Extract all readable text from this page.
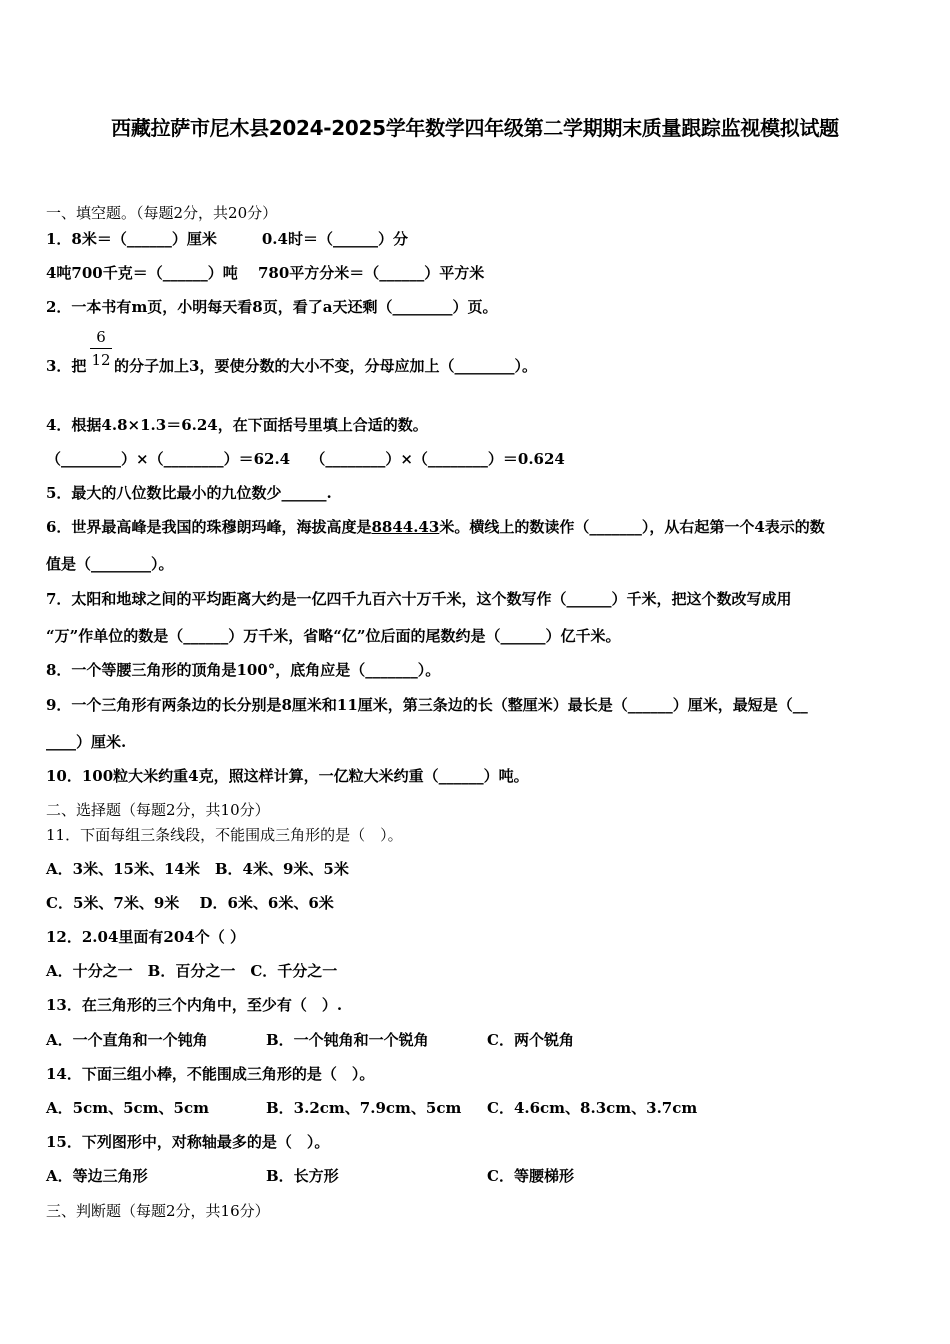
西藏拉萨市尼木县2024-2025学年数学四年级第二学期期末质量跟踪监视模拟试题
一、填空题。（每题2分，共20分）
1．8米＝（______）厘米　　　0.4时＝（______）分
4吨700千克＝（______）吨　 780平方分米＝（______）平方米
2．一本书有m页，小明每天看8页，看了a天还剩（________）页。
3．把
6
12 的分子加上3，要使分数的大小不变，分母应加上（________）。
4．根据4.8×1.3＝6.24，在下面括号里填上合适的数。
（________）×（________）＝62.4　 （________）×（________）＝0.624
5．最大的八位数比最小的九位数少______.
6．世界最高峰是我国的珠穆朗玛峰，海拔高度是8844.43米。横线上的数读作（_______），从右起第一个4表示的数
值是（________）。
7．太阳和地球之间的平均距离大约是一亿四千九百六十万千米，这个数写作（______）千米，把这个数改写成用
“万”作单位的数是（______）万千米，省略“亿”位后面的尾数约是（______）亿千米。
8．一个等腰三角形的顶角是100°，底角应是（_______）。
9．一个三角形有两条边的长分别是8厘米和11厘米，第三条边的长（整厘米）最长是（______）厘米，最短是（__
____）厘米.
10．100粒大米约重4克，照这样计算，一亿粒大米约重（______）吨。
二、选择题（每题2分，共10分）
11．下面每组三条线段，不能围成三角形的是（　）。
A．3米、15米、14米　B．4米、9米、5米
C．5米、7米、9米　 D．6米、6米、6米
12．2.04里面有204个（ ）
A．十分之一　B．百分之一　C．千分之一
13．在三角形的三个内角中，至少有（　）.
A．一个直角和一个钝角	B．一个钝角和一个锐角	C．两个锐角
14．下面三组小棒，不能围成三角形的是（　）。
A．5cm、5cm、5cm	B．3.2cm、7.9cm、5cm C．4.6cm、8.3cm、3.7cm
15．下列图形中，对称轴最多的是（　）。
A．等边三角形	B．长方形	C．等腰梯形
三、判断题（每题2分，共16分）
